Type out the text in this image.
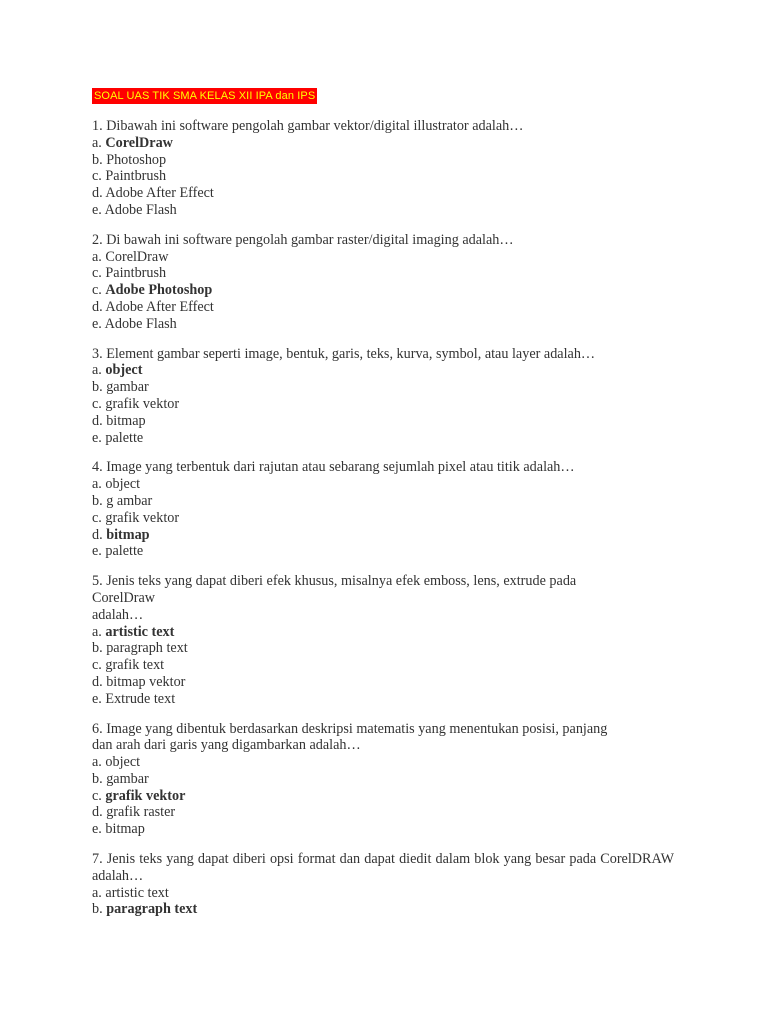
SOAL UAS TIK SMA KELAS XII IPA dan IPS
1. Dibawah ini software pengolah gambar vektor/digital illustrator adalah…
a. CorelDraw
b. Photoshop
c. Paintbrush
d. Adobe After Effect
e. Adobe Flash
2. Di bawah ini software pengolah gambar raster/digital imaging adalah…
a. CorelDraw
c. Paintbrush
c. Adobe Photoshop
d. Adobe After Effect
e. Adobe Flash
3. Element gambar seperti image, bentuk, garis, teks, kurva, symbol, atau layer adalah…
a. object
b. gambar
c. grafik vektor
d. bitmap
e. palette
4. Image yang terbentuk dari rajutan atau sebarang sejumlah pixel atau titik adalah…
a. object
b. g ambar
c. grafik vektor
d. bitmap
e. palette
5. Jenis teks yang dapat diberi efek khusus, misalnya efek emboss, lens, extrude pada
CorelDraw
adalah…
a. artistic text
b. paragraph text
c. grafik text
d. bitmap vektor
e. Extrude text
6. Image yang dibentuk berdasarkan deskripsi matematis yang menentukan posisi, panjang
dan arah dari garis yang digambarkan adalah…
a. object
b. gambar
c. grafik vektor
d. grafik raster
e. bitmap
7. Jenis teks yang dapat diberi opsi format dan dapat diedit dalam blok yang besar pada CorelDRAW adalah…
a. artistic text
b. paragraph text
